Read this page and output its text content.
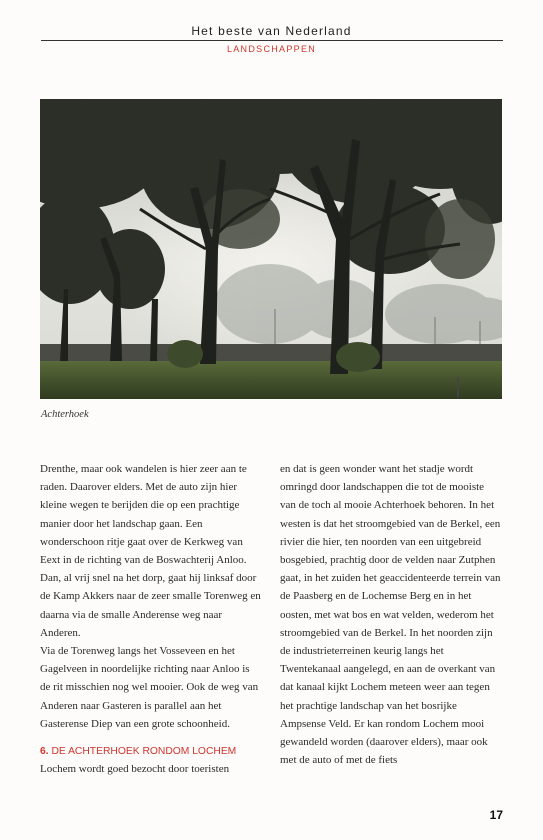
Het beste van Nederland
LANDSCHAPPEN
Achterhoek

Drenthe, maar ook wandelen is hier zeer aan te raden. Daarover elders. Met de auto zijn hier kleine wegen te berijden die op een prachtige manier door het landschap gaan. Een wonderschoon ritje gaat over de Kerkweg van Eext in de richting van de Boswachterij Anloo. Dan, al vrij snel na het dorp, gaat hij linksaf door de Kamp Akkers naar de zeer smalle Torenweg en daarna via de smalle Anderense weg naar Anderen.

Via de Torenweg langs het Vosseveen en het Gagelveen in noordelijke richting naar Anloo is de rit misschien nog wel mooier. Ook de weg van Anderen naar Gasteren is parallel aan het Gasterense Diep van een grote schoonheid.

6. DE ACHTERHOEK RONDOM LOCHEM

Lochem wordt goed bezocht door toeristen

en dat is geen wonder want het stadje wordt omringd door landschappen die tot de mooiste van de toch al mooie Achterhoek behoren. In het westen is dat het stroomgebied van de Berkel, een rivier die hier, ten noorden van een uitgebreid bosgebied, prachtig door de velden naar Zutphen gaat, in het zuiden het geaccidenteerde terrein van de Paasberg en de Lochemse Berg en in het oosten, met wat bos en wat velden, wederom het stroomgebied van de Berkel. In het noorden zijn de industrieterreinen keurig langs het Twentekanaal aangelegd, en aan de overkant van dat kanaal kijkt Lochem meteen weer aan tegen het prachtige landschap van het bosrijke Ampsense Veld. Er kan rondom Lochem mooi gewandeld worden (daarover elders), maar ook met de auto of met de fiets

17
